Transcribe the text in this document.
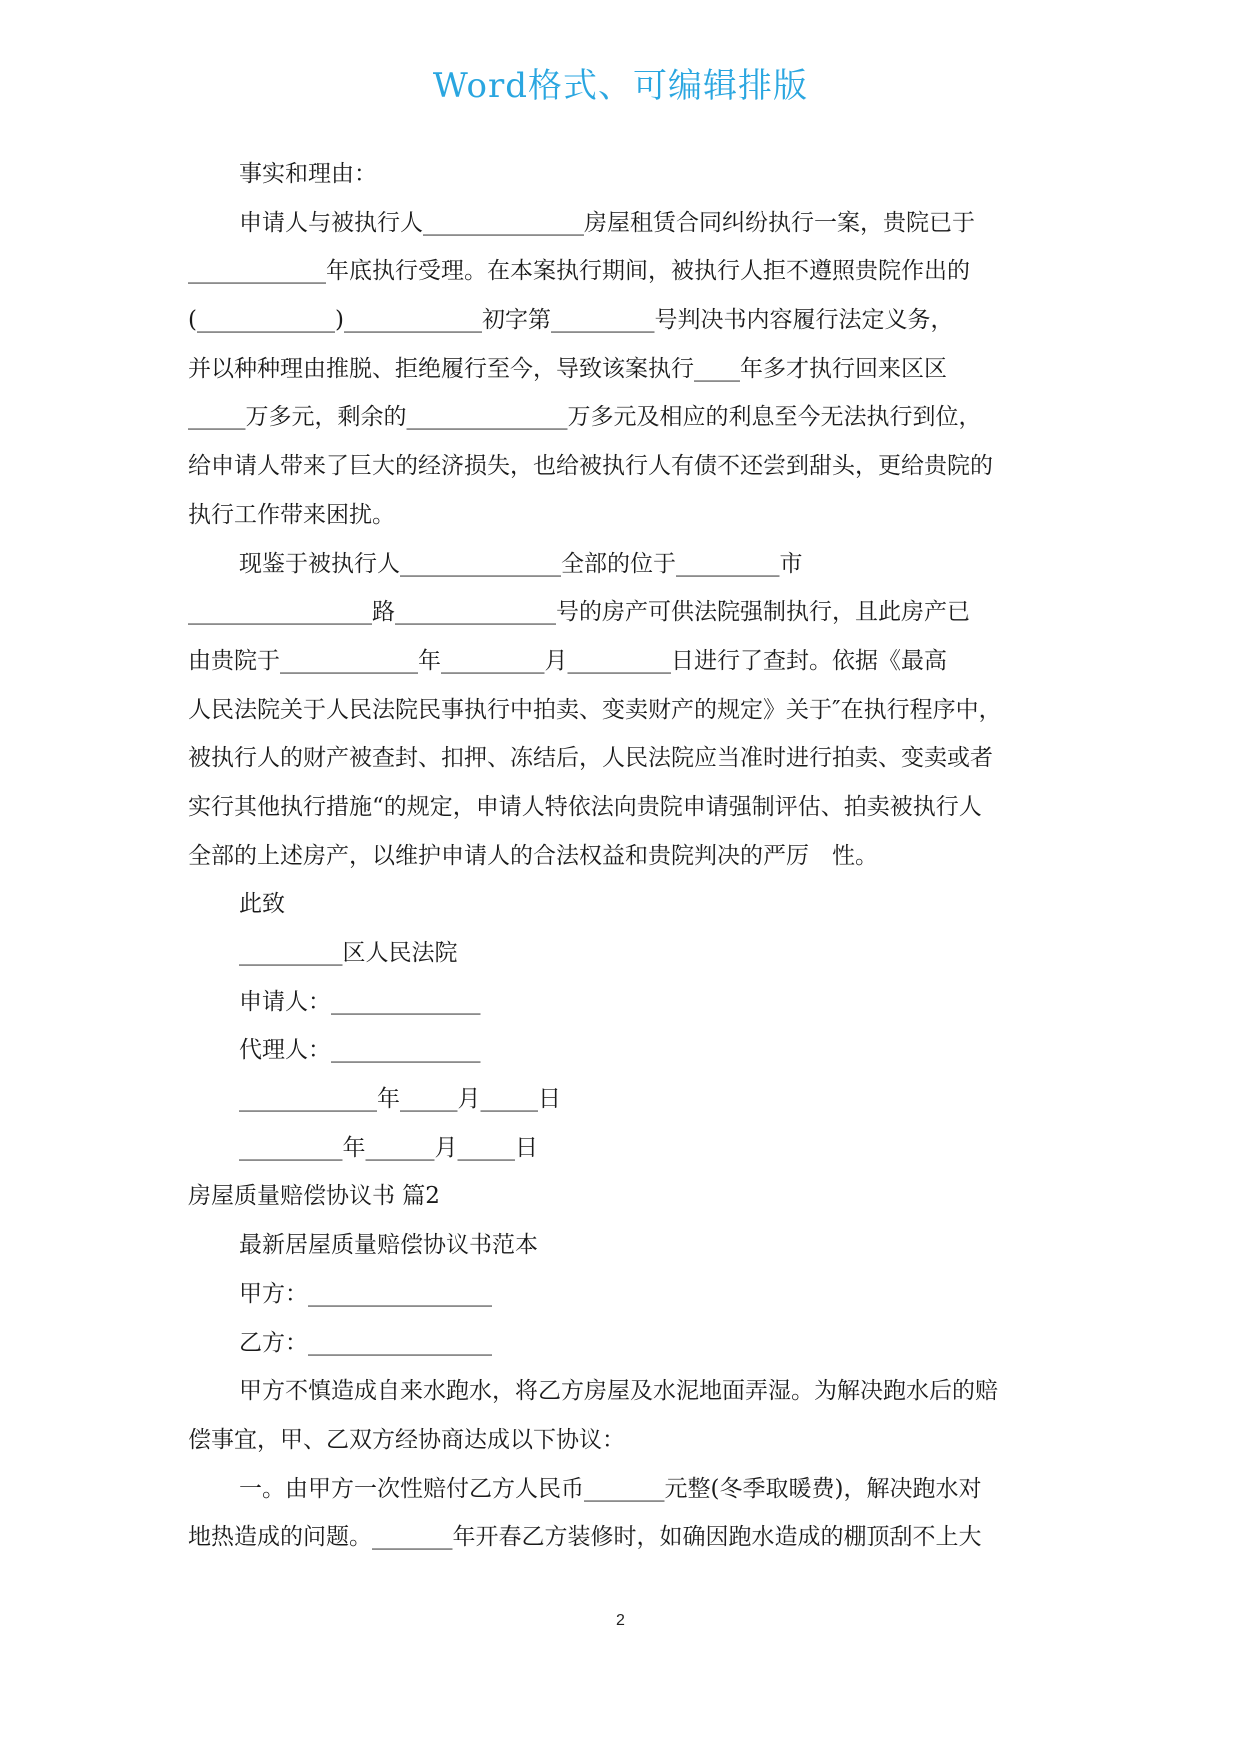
Word格式、可编辑排版
事实和理由：
申请人与被执行人______________房屋租赁合同纠纷执行一案，贵院已于
____________年底执行受理。在本案执行期间，被执行人拒不遵照贵院作出的
(____________)____________初字第_________号判决书内容履行法定义务，
并以种种理由推脱、拒绝履行至今，导致该案执行____年多才执行回来区区
_____万多元，剩余的______________万多元及相应的利息至今无法执行到位，
给申请人带来了巨大的经济损失，也给被执行人有债不还尝到甜头，更给贵院的
执行工作带来困扰。
现鉴于被执行人______________全部的位于_________市
________________路______________号的房产可供法院强制执行，且此房产已
由贵院于____________年_________月_________日进行了查封。依据《最高
人民法院关于人民法院民事执行中拍卖、变卖财产的规定》关于″在执行程序中，
被执行人的财产被查封、扣押、冻结后，人民法院应当准时进行拍卖、变卖或者
实行其他执行措施“的规定，申请人特依法向贵院申请强制评估、拍卖被执行人
全部的上述房产，以维护申请人的合法权益和贵院判决的严厉　性。
此致
_________区人民法院
申请人：_____________
代理人：_____________
____________年_____月_____日
_________年______月_____日
房屋质量赔偿协议书 篇2
最新居屋质量赔偿协议书范本
甲方：________________
乙方：________________
甲方不慎造成自来水跑水，将乙方房屋及水泥地面弄湿。为解决跑水后的赔
偿事宜，甲、乙双方经协商达成以下协议：
一。由甲方一次性赔付乙方人民币_______元整(冬季取暖费)，解决跑水对
地热造成的问题。_______年开春乙方装修时，如确因跑水造成的棚顶刮不上大
2
